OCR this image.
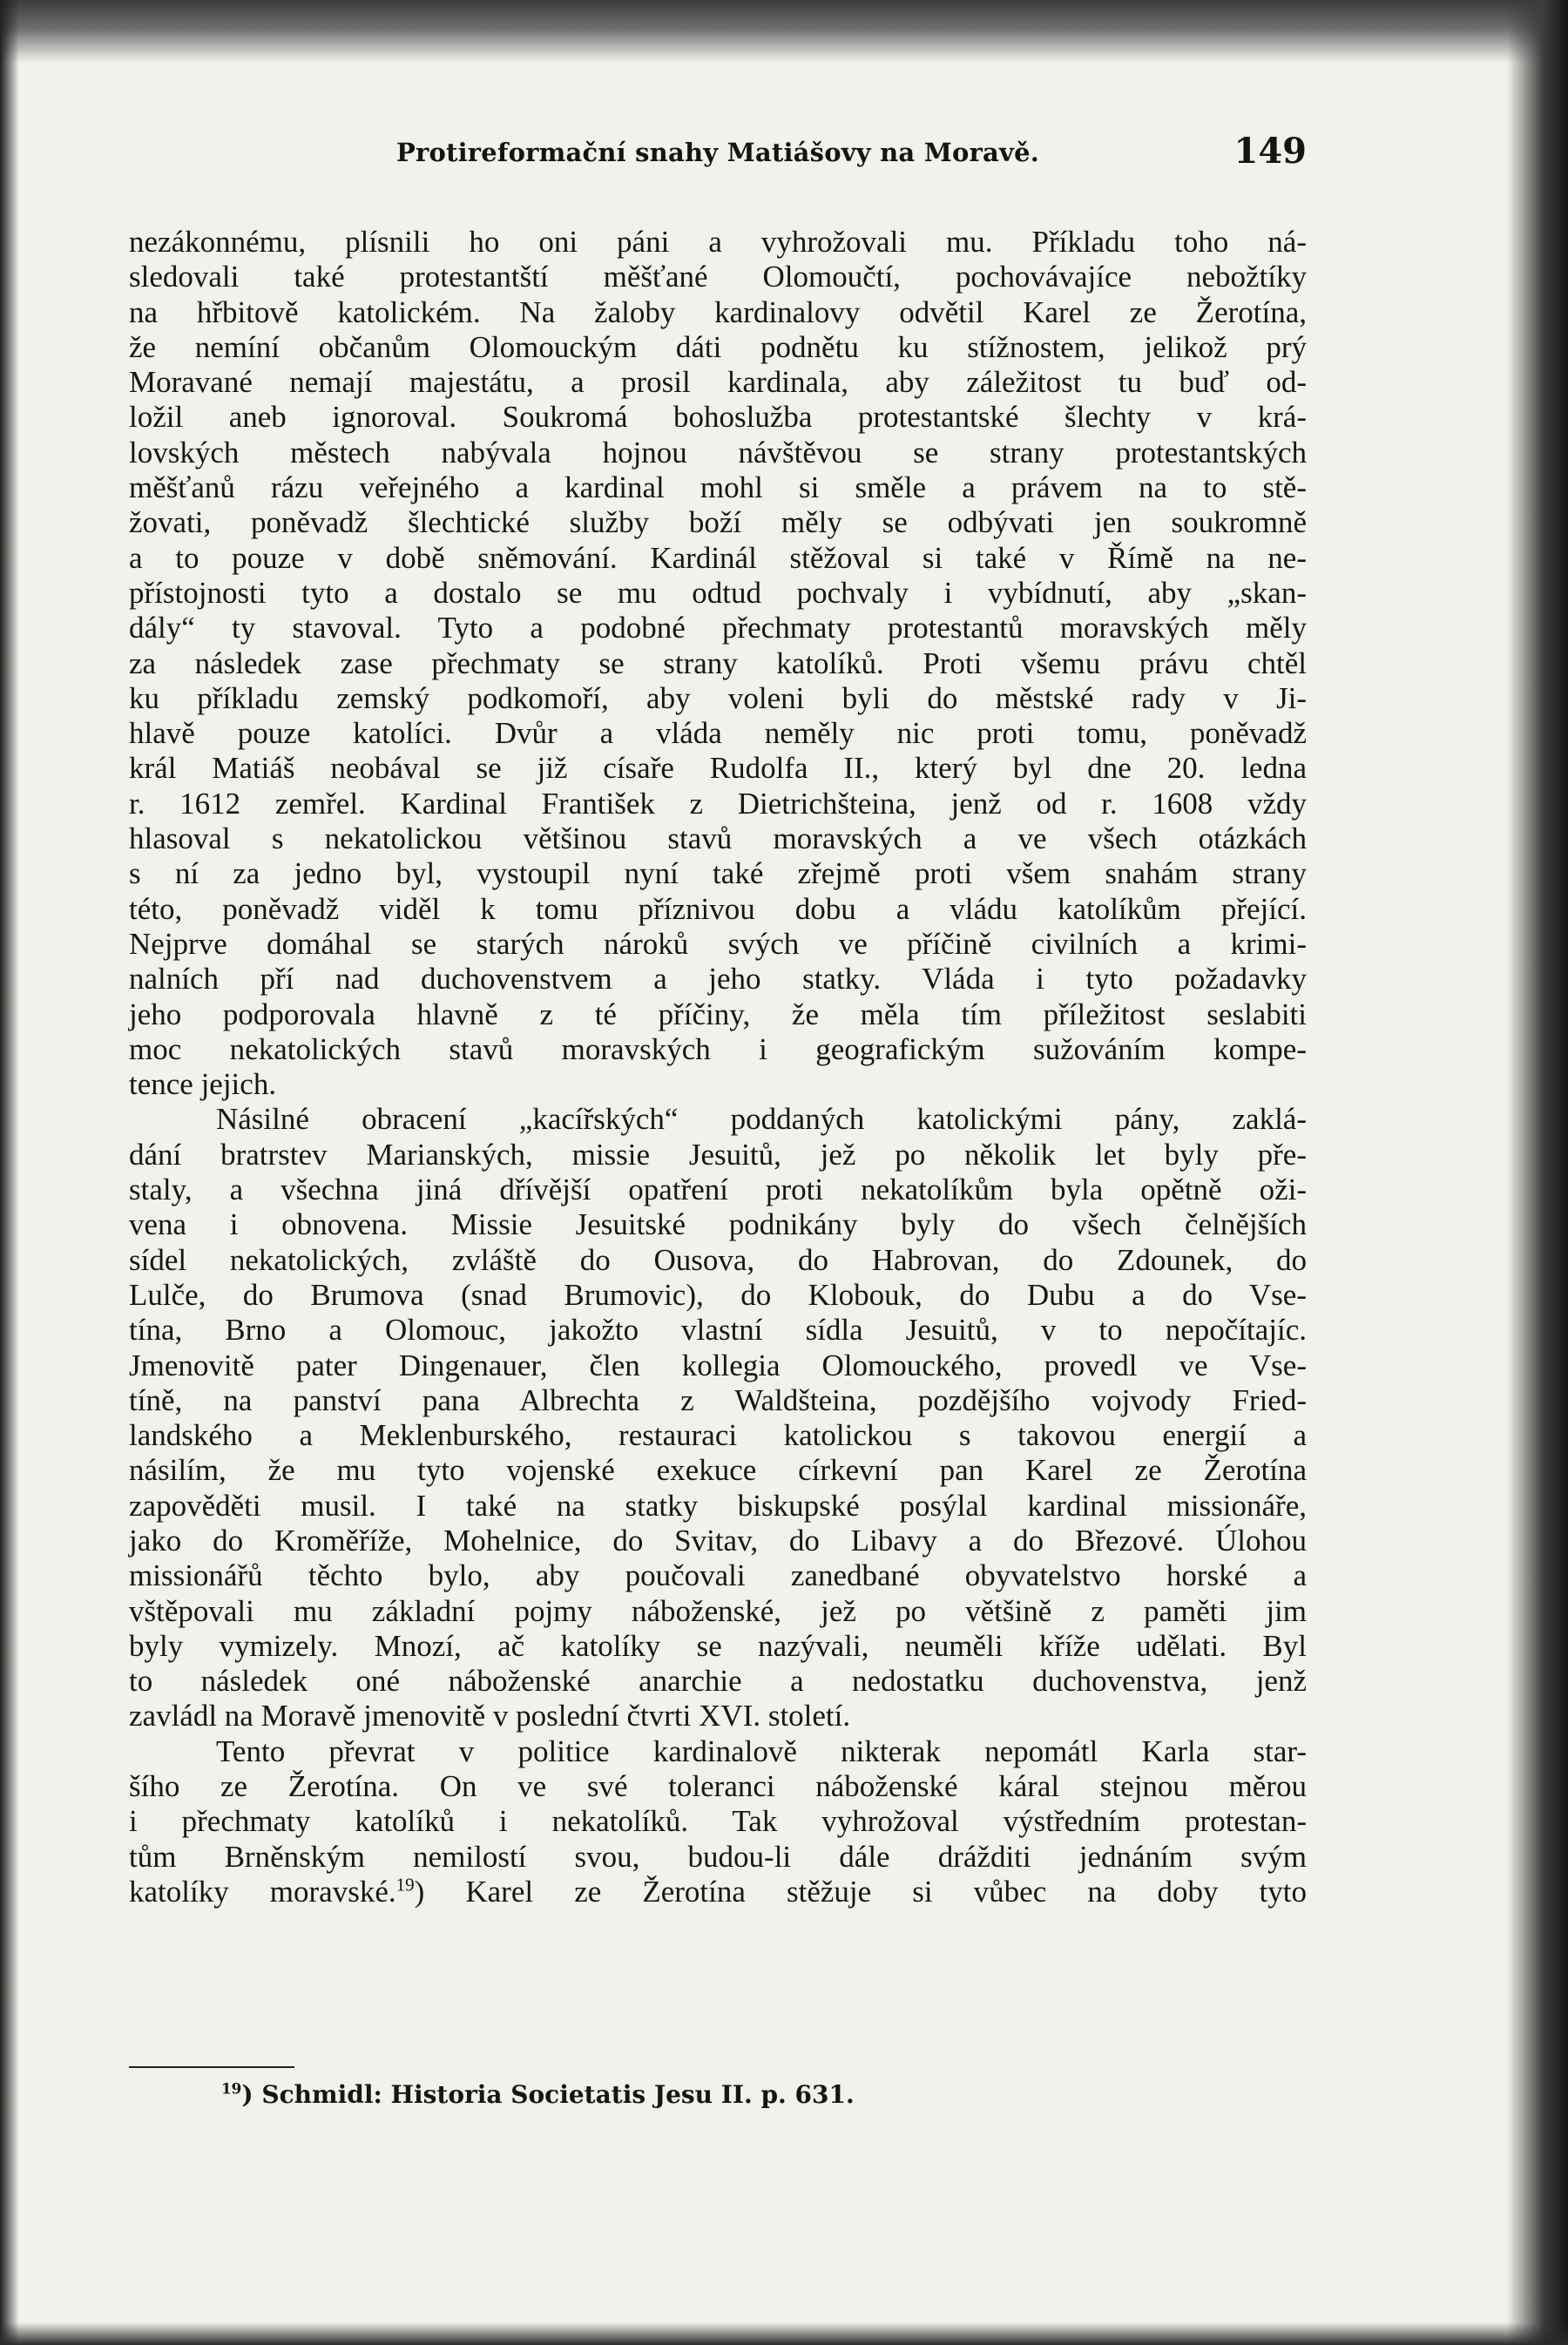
Protireformační snahy Matiášovy na Moravě.	149
nezákonnému, plísnili ho oni páni a vyhrožovali mu. Příkladu toho ná-
sledovali také protestantští měšťané Olomoučtí, pochovávajíce nebožtíky
na hřbitově katolickém. Na žaloby kardinalovy odvětil Karel ze Žerotína,
že nemíní občanům Olomouckým dáti podnětu ku stížnostem, jelikož prý
Moravané nemají majestátu, a prosil kardinala, aby záležitost tu buď od-
ložil aneb ignoroval. Soukromá bohoslužba protestantské šlechty v krá-
lovských městech nabývala hojnou návštěvou se strany protestantských
měšťanů rázu veřejného a kardinal mohl si směle a právem na to stě-
žovati, poněvadž šlechtické služby boží měly se odbývati jen soukromně
a to pouze v době sněmování. Kardinál stěžoval si také v Římě na ne-
přístojnosti tyto a dostalo se mu odtud pochvaly i vybídnutí, aby „skan-
dály“ ty stavoval. Tyto a podobné přechmaty protestantů moravských měly
za následek zase přechmaty se strany katolíků. Proti všemu právu chtěl
ku příkladu zemský podkomoří, aby voleni byli do městské rady v Ji-
hlavě pouze katolíci. Dvůr a vláda neměly nic proti tomu, poněvadž
král Matiáš neobával se již císaře Rudolfa II., který byl dne 20. ledna
r. 1612 zemřel. Kardinal František z Dietrichšteina, jenž od r. 1608 vždy
hlasoval s nekatolickou většinou stavů moravských a ve všech otázkách
s ní za jedno byl, vystoupil nyní také zřejmě proti všem snahám strany
této, poněvadž viděl k tomu příznivou dobu a vládu katolíkům přející.
Nejprve domáhal se starých nároků svých ve příčině civilních a krimi-
nalních pří nad duchovenstvem a jeho statky. Vláda i tyto požadavky
jeho podporovala hlavně z té příčiny, že měla tím příležitost seslabiti
moc nekatolických stavů moravských i geografickým sužováním kompe-
tence jejich.
Násilné obracení „kacířských“ poddaných katolickými pány, zaklá-
dání bratrstev Marianských, missie Jesuitů, jež po několik let byly pře-
staly, a všechna jiná dřívější opatření proti nekatolíkům byla opětně oži-
vena i obnovena. Missie Jesuitské podnikány byly do všech čelnějších
sídel nekatolických, zvláště do Ousova, do Habrovan, do Zdounek, do
Lulče, do Brumova (snad Brumovic), do Klobouk, do Dubu a do Vse-
tína, Brno a Olomouc, jakožto vlastní sídla Jesuitů, v to nepočítajíc.
Jmenovitě pater Dingenauer, člen kollegia Olomouckého, provedl ve Vse-
tíně, na panství pana Albrechta z Waldšteina, pozdějšího vojvody Fried-
landského a Meklenburského, restauraci katolickou s takovou energií a
násilím, že mu tyto vojenské exekuce církevní pan Karel ze Žerotína
zapověděti musil. I také na statky biskupské posýlal kardinal missionáře,
jako do Kroměříže, Mohelnice, do Svitav, do Libavy a do Březové. Úlohou
missionářů těchto bylo, aby poučovali zanedbané obyvatelstvo horské a
vštěpovali mu základní pojmy náboženské, jež po většině z paměti jim
byly vymizely. Mnozí, ač katolíky se nazývali, neuměli kříže udělati. Byl
to následek oné náboženské anarchie a nedostatku duchovenstva, jenž
zavládl na Moravě jmenovitě v poslední čtvrti XVI. století.
Tento převrat v politice kardinalově nikterak nepomátl Karla star-
šího ze Žerotína. On ve své toleranci náboženské káral stejnou měrou
i přechmaty katolíků i nekatolíků. Tak vyhrožoval výstředním protestan-
tům Brněnským nemilostí svou, budou-li dále drážditi jednáním svým
katolíky moravské.$^{19}$) Karel ze Žerotína stěžuje si vůbec na doby tyto
$^{19}$) Schmidl: Historia Societatis Jesu II. p. 631.
